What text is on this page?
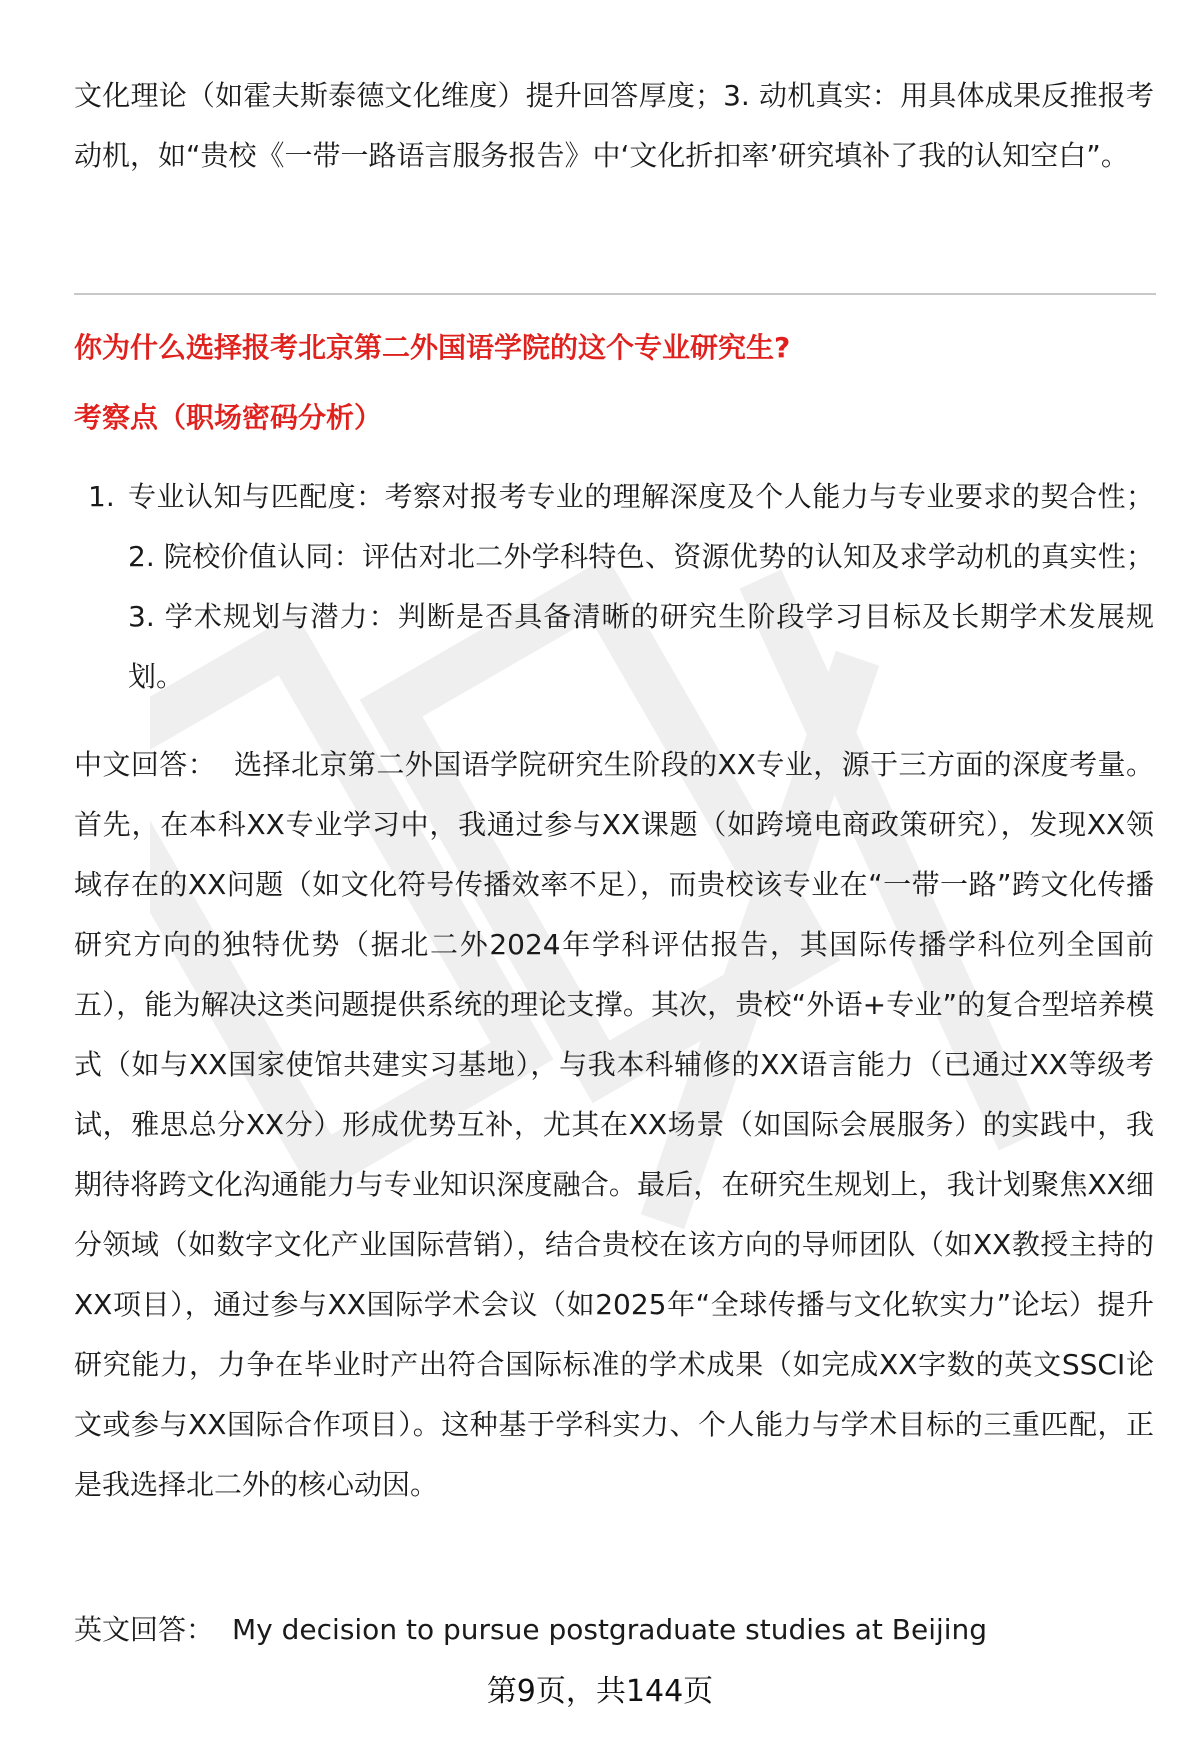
文化理论（如霍夫斯泰德文化维度）提升回答厚度；3. 动机真实：用具体成果反推报考动机，如“贵校《一带一路语言服务报告》中‘文化折扣率’研究填补了我的认知空白”。

你为什么选择报考北京第二外国语学院的这个专业研究生?
考察点（职场密码分析）
1. 专业认知与匹配度：考察对报考专业的理解深度及个人能力与专业要求的契合性；2. 院校价值认同：评估对北二外学科特色、资源优势的认知及求学动机的真实性；3. 学术规划与潜力：判断是否具备清晰的研究生阶段学习目标及长期学术发展规划。

中文回答： 选择北京第二外国语学院研究生阶段的XX专业，源于三方面的深度考量。首先，在本科XX专业学习中，我通过参与XX课题（如跨境电商政策研究），发现XX领域存在的XX问题（如文化符号传播效率不足），而贵校该专业在“一带一路”跨文化传播研究方向的独特优势（据北二外2024年学科评估报告，其国际传播学科位列全国前五），能为解决这类问题提供系统的理论支撑。其次，贵校“外语+专业”的复合型培养模式（如与XX国家使馆共建实习基地），与我本科辅修的XX语言能力（已通过XX等级考试，雅思总分XX分）形成优势互补，尤其在XX场景（如国际会展服务）的实践中，我期待将跨文化沟通能力与专业知识深度融合。最后，在研究生规划上，我计划聚焦XX细分领域（如数字文化产业国际营销），结合贵校在该方向的导师团队（如XX教授主持的XX项目），通过参与XX国际学术会议（如2025年“全球传播与文化软实力”论坛）提升研究能力，力争在毕业时产出符合国际标准的学术成果（如完成XX字数的英文SSCI论文或参与XX国际合作项目）。这种基于学科实力、个人能力与学术目标的三重匹配，正是我选择北二外的核心动因。

英文回答： My decision to pursue postgraduate studies at Beijing

第9页，共144页
